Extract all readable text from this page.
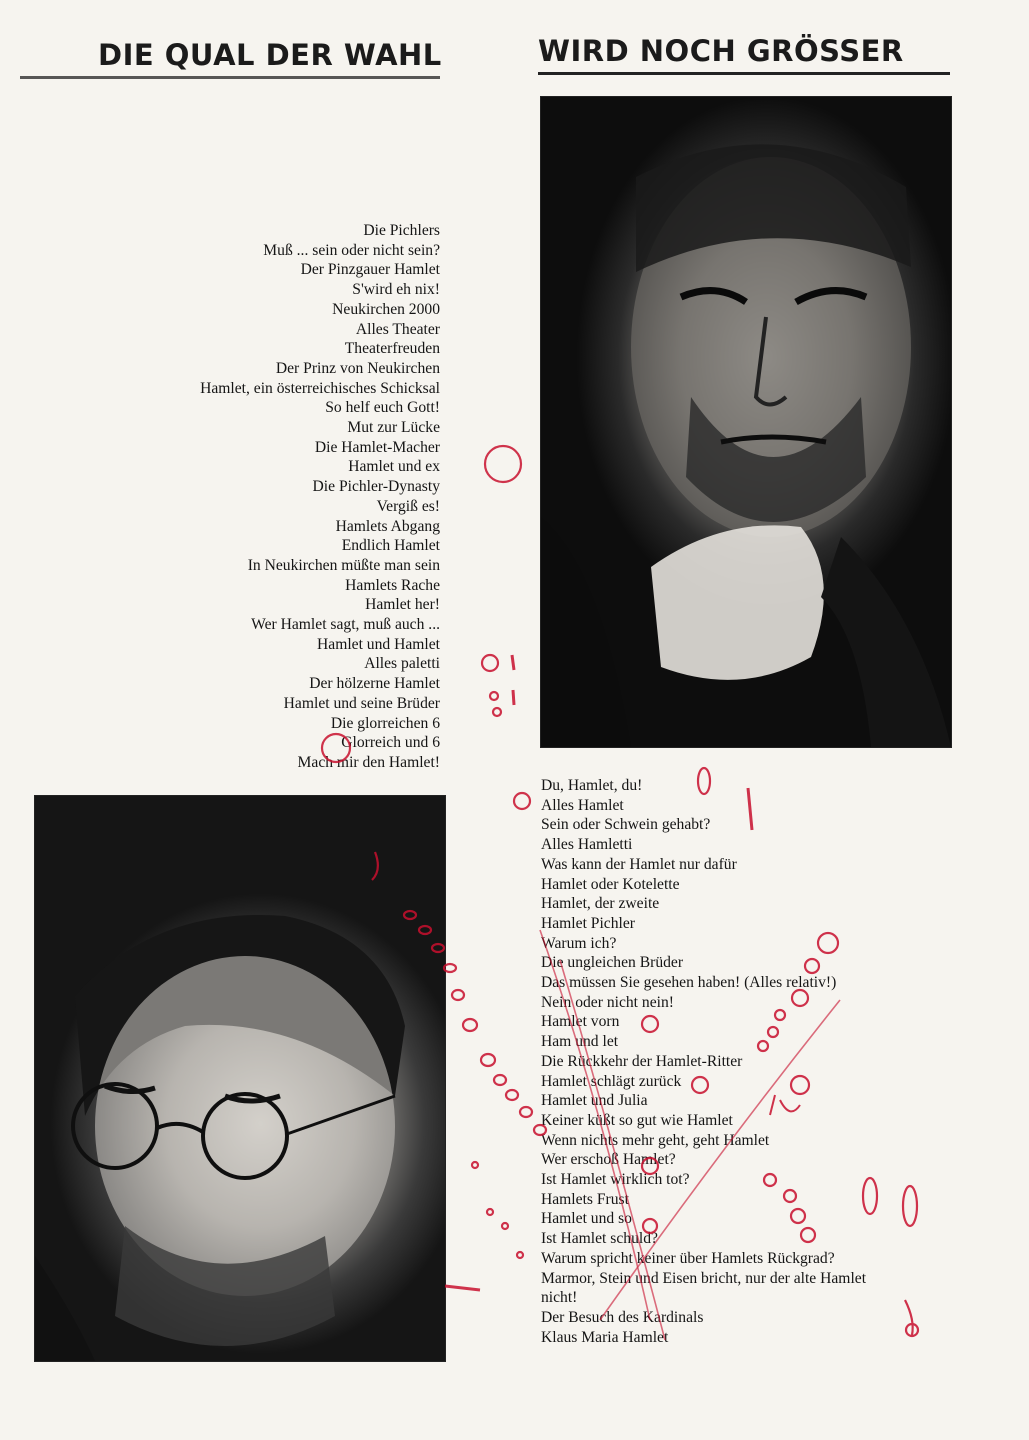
DIE QUAL DER WAHL	WIRD NOCH GRÖSSER
Die Pichlers
Muß ... sein oder nicht sein?
Der Pinzgauer Hamlet
S'wird eh nix!
Neukirchen 2000
Alles Theater
Theaterfreuden
Der Prinz von Neukirchen
Hamlet, ein österreichisches Schicksal
So helf euch Gott!
Mut zur Lücke
Die Hamlet-Macher
Hamlet und ex
Die Pichler-Dynasty
Vergiß es!
Hamlets Abgang
Endlich Hamlet
In Neukirchen müßte man sein
Hamlets Rache
Hamlet her!
Wer Hamlet sagt, muß auch ...
Hamlet und Hamlet
Alles paletti
Der hölzerne Hamlet
Hamlet und seine Brüder
Die glorreichen 6
Glorreich und 6
Mach mir den Hamlet!
Du, Hamlet, du!
Alles Hamlet
Sein oder Schwein gehabt?
Alles Hamletti
Was kann der Hamlet nur dafür
Hamlet oder Kotelette
Hamlet, der zweite
Hamlet Pichler
Warum ich?
Die ungleichen Brüder
Das müssen Sie gesehen haben! (Alles relativ!)
Nein oder nicht nein!
Hamlet vorn
Ham und let
Die Rückkehr der Hamlet-Ritter
Hamlet schlägt zurück
Hamlet und Julia
Keiner küßt so gut wie Hamlet
Wenn nichts mehr geht, geht Hamlet
Wer erschoß Hamlet?
Ist Hamlet wirklich tot?
Hamlets Frust
Hamlet und so
Ist Hamlet schuld?
Warum spricht keiner über Hamlets Rückgrad?
Marmor, Stein und Eisen bricht, nur der alte Hamlet
nicht!
Der Besuch des Kardinals
Klaus Maria Hamlet
